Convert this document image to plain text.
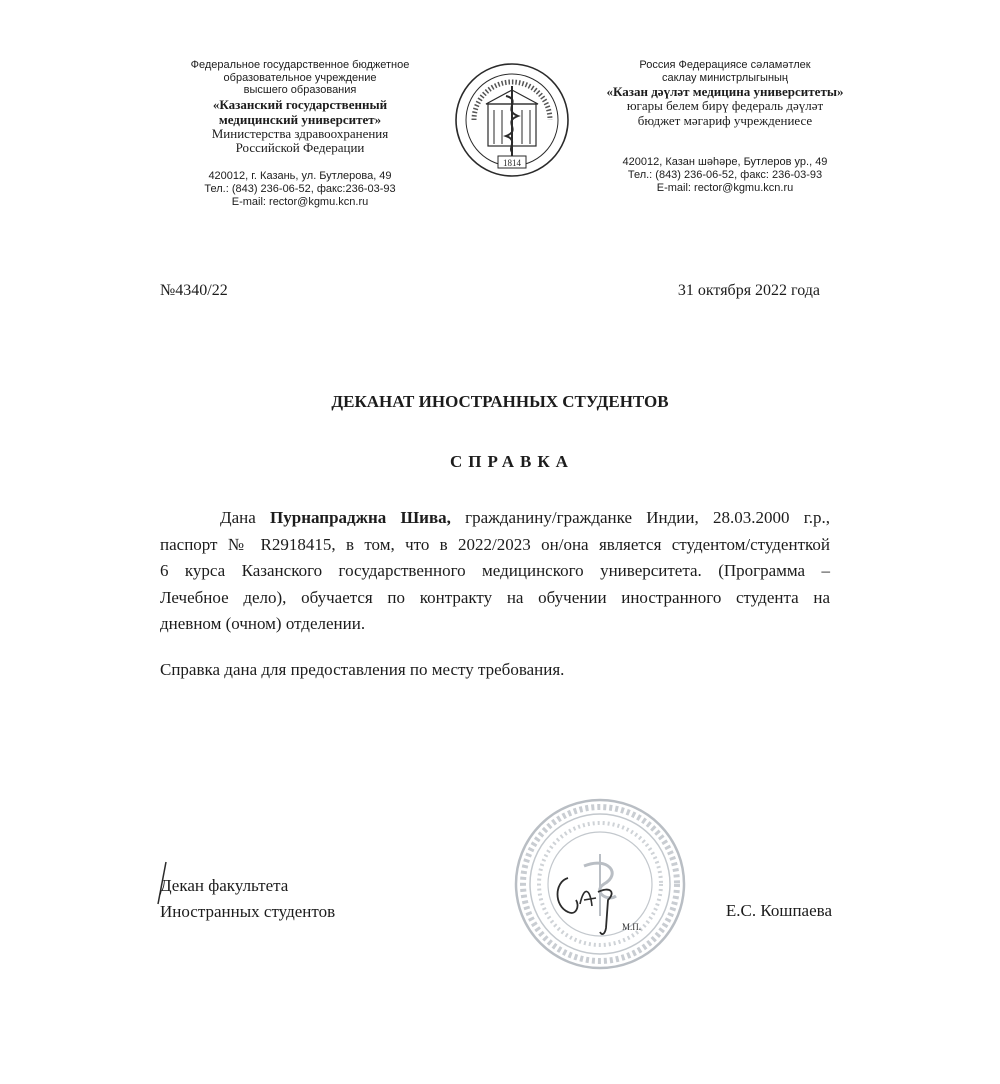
Федеральное государственное бюджетное
образовательное учреждение
высшего образования
«Казанский государственный
медицинский университет»
Министерства здравоохранения
Российской Федерации
420012, г. Казань, ул. Бутлерова, 49
Тел.: (843) 236-06-52, факс:236-03-93
E-mail: rector@kgmu.kcn.ru
1814
Россия Федерациясе сәламәтлек
саклау министрлыгының
«Казан дәүләт медицина университеты»
югары белем бирү федераль дәүләт
бюджет мәгариф учреждениесе
420012, Казан шәһәре, Бутлеров ур., 49
Тел.: (843) 236-06-52, факс: 236-03-93
E-mail: rector@kgmu.kcn.ru
№4340/22	31 октября 2022 года
ДЕКАНАТ ИНОСТРАННЫХ СТУДЕНТОВ
СПРАВКА
Дана Пурнапраджна Шива, гражданину/гражданке Индии, 28.03.2000 г.р.,
паспорт № R2918415, в том, что в 2022/2023 он/она является студентом/студенткой
6 курса Казанского государственного медицинского университета. (Программа –
Лечебное дело), обучается по контракту на обучении иностранного студента на
дневном (очном) отделении.
Справка дана для предоставления по месту требования.
М.П.
Декан факультета
Иностранных студентов	Е.С. Кошпаева
